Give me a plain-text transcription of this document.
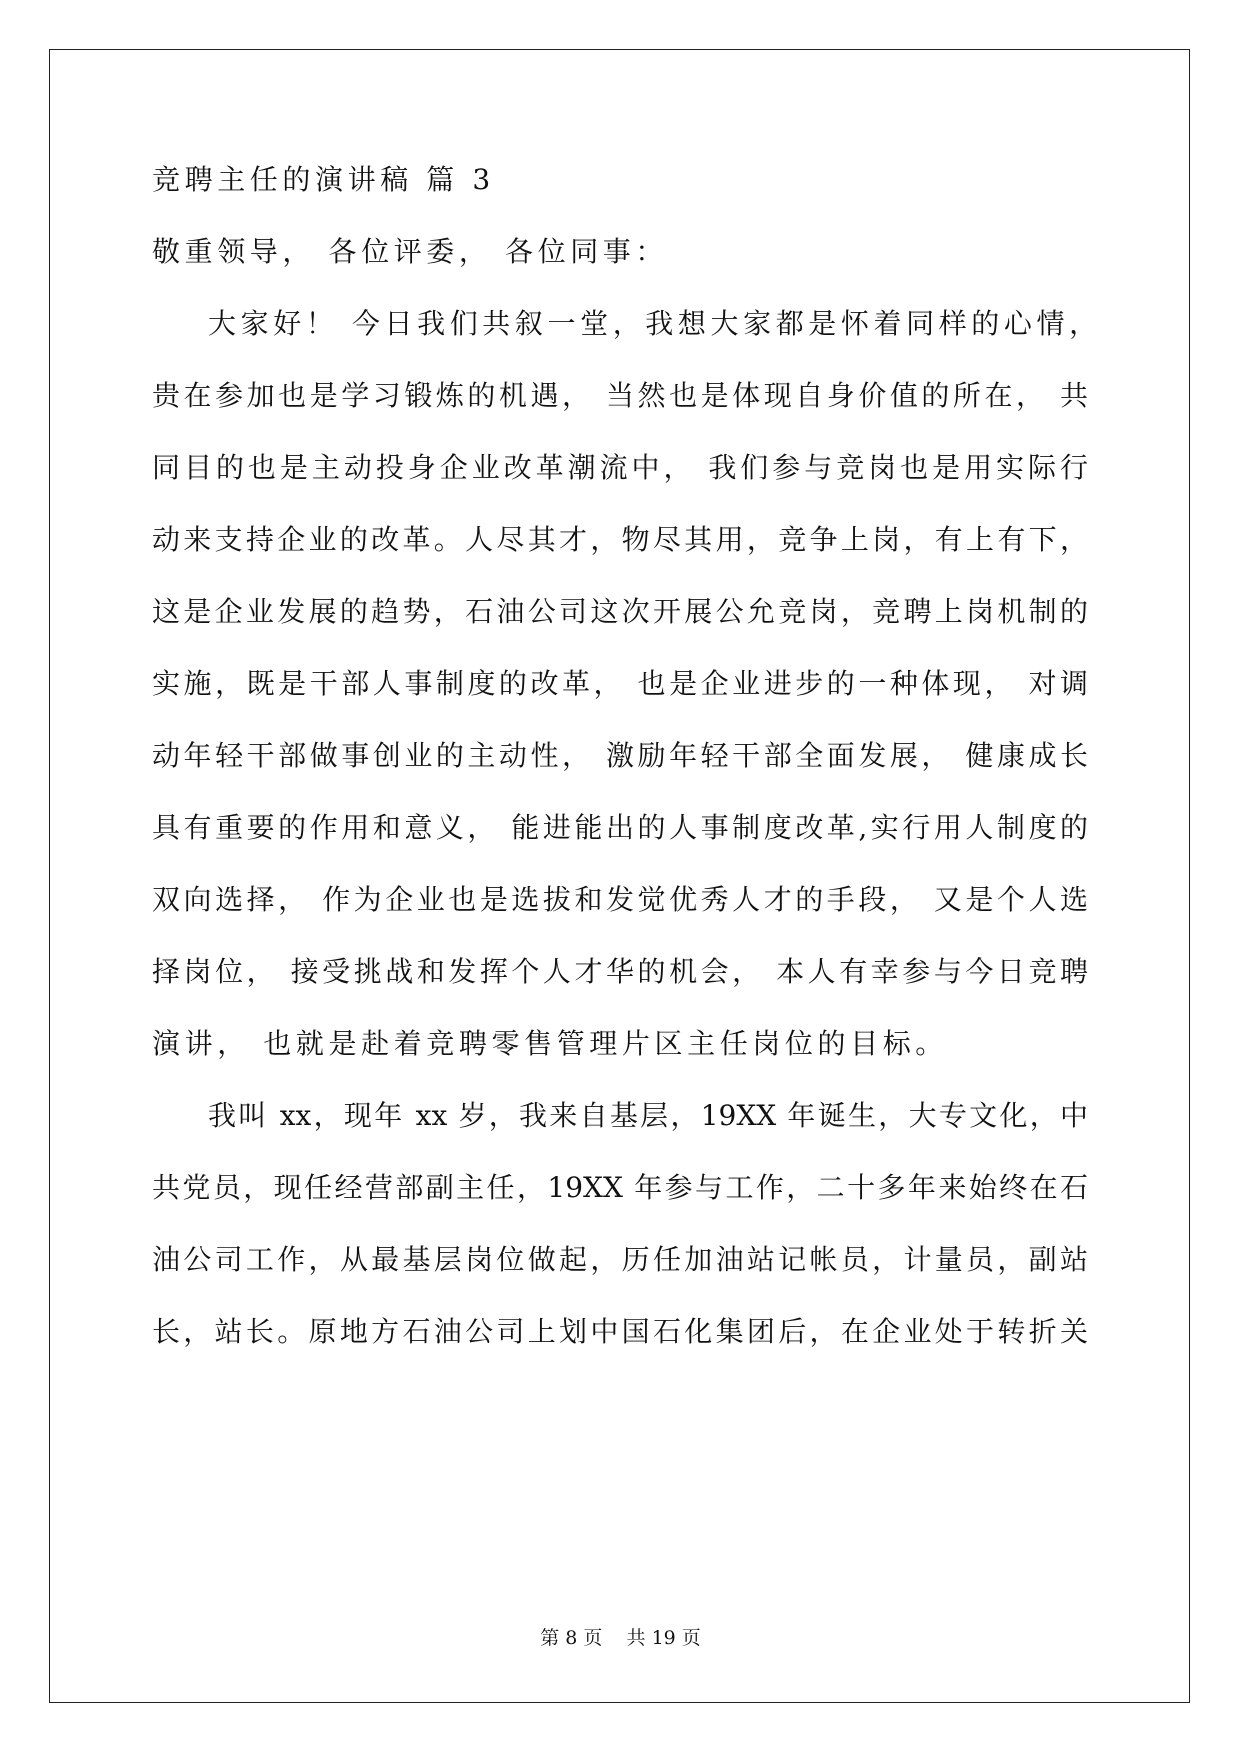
竞聘主任的演讲稿 篇 3
敬重领导， 各位评委， 各位同事：
大家好！ 今日我们共叙一堂，我想大家都是怀着同样的心情，
贵在参加也是学习锻炼的机遇， 当然也是体现自身价值的所在， 共
同目的也是主动投身企业改革潮流中， 我们参与竞岗也是用实际行
动来支持企业的改革。人尽其才，物尽其用，竞争上岗，有上有下，
这是企业发展的趋势，石油公司这次开展公允竞岗，竞聘上岗机制的
实施，既是干部人事制度的改革， 也是企业进步的一种体现， 对调
动年轻干部做事创业的主动性， 激励年轻干部全面发展， 健康成长
具有重要的作用和意义， 能进能出的人事制度改革,实行用人制度的
双向选择， 作为企业也是选拔和发觉优秀人才的手段， 又是个人选
择岗位， 接受挑战和发挥个人才华的机会， 本人有幸参与今日竞聘
演讲， 也就是赴着竞聘零售管理片区主任岗位的目标。
我叫 xx，现年 xx 岁，我来自基层，19XX 年诞生，大专文化，中
共党员，现任经营部副主任，19XX 年参与工作，二十多年来始终在石
油公司工作，从最基层岗位做起，历任加油站记帐员，计量员，副站
长，站长。原地方石油公司上划中国石化集团后，在企业处于转折关
第 8 页    共 19 页
